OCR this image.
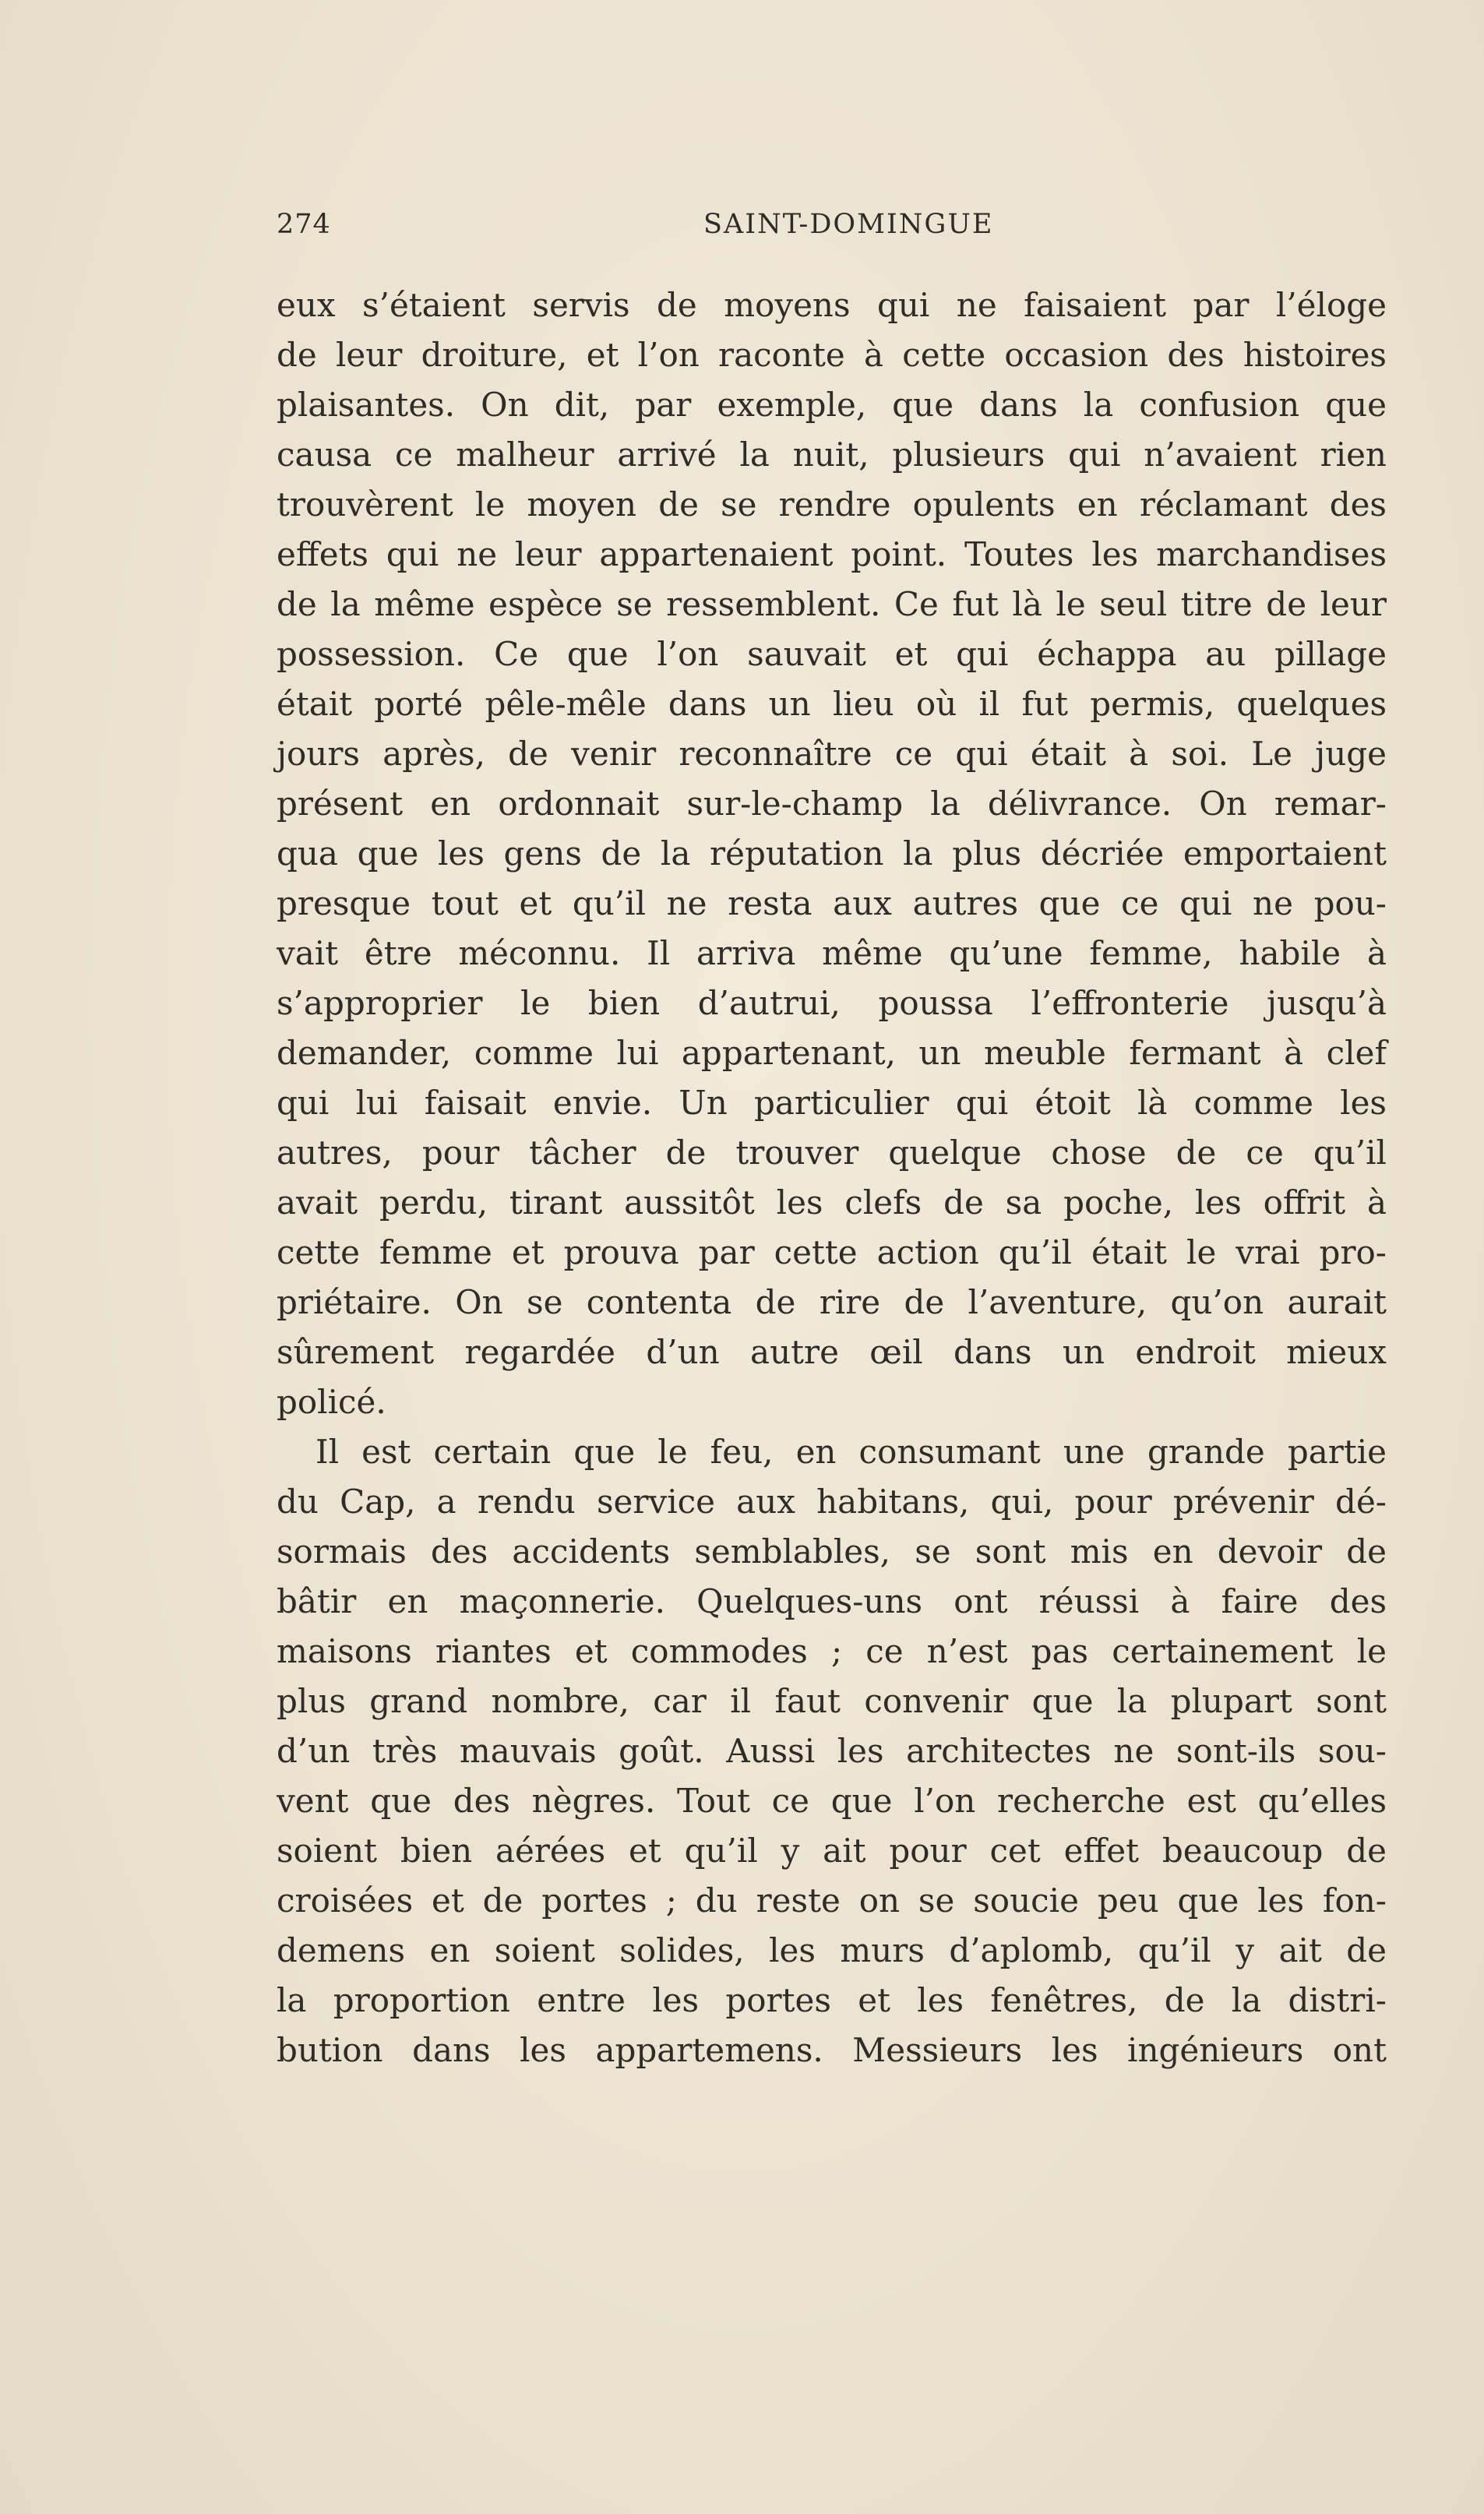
274	SAINT-DOMINGUE
eux s’étaient servis de moyens qui ne faisaient par l’éloge
de leur droiture, et l’on raconte à cette occasion des histoires
plaisantes. On dit, par exemple, que dans la confusion que
causa ce malheur arrivé la nuit, plusieurs qui n’avaient rien
trouvèrent le moyen de se rendre opulents en réclamant des
effets qui ne leur appartenaient point. Toutes les marchandises
de la même espèce se ressemblent. Ce fut là le seul titre de leur
possession. Ce que l’on sauvait et qui échappa au pillage
était porté pêle-mêle dans un lieu où il fut permis, quelques
jours après, de venir reconnaître ce qui était à soi. Le juge
présent en ordonnait sur-le-champ la délivrance. On remar-
qua que les gens de la réputation la plus décriée emportaient
presque tout et qu’il ne resta aux autres que ce qui ne pou-
vait être méconnu. Il arriva même qu’une femme, habile à
s’approprier le bien d’autrui, poussa l’effronterie jusqu’à
demander, comme lui appartenant, un meuble fermant à clef
qui lui faisait envie. Un particulier qui étoit là comme les
autres, pour tâcher de trouver quelque chose de ce qu’il
avait perdu, tirant aussitôt les clefs de sa poche, les offrit à
cette femme et prouva par cette action qu’il était le vrai pro-
priétaire. On se contenta de rire de l’aventure, qu’on aurait
sûrement regardée d’un autre œil dans un endroit mieux
policé.
Il est certain que le feu, en consumant une grande partie
du Cap, a rendu service aux habitans, qui, pour prévenir dé-
sormais des accidents semblables, se sont mis en devoir de
bâtir en maçonnerie. Quelques-uns ont réussi à faire des
maisons riantes et commodes ; ce n’est pas certainement le
plus grand nombre, car il faut convenir que la plupart sont
d’un très mauvais goût. Aussi les architectes ne sont-ils sou-
vent que des nègres. Tout ce que l’on recherche est qu’elles
soient bien aérées et qu’il y ait pour cet effet beaucoup de
croisées et de portes ; du reste on se soucie peu que les fon-
demens en soient solides, les murs d’aplomb, qu’il y ait de
la proportion entre les portes et les fenêtres, de la distri-
bution dans les appartemens. Messieurs les ingénieurs ont
